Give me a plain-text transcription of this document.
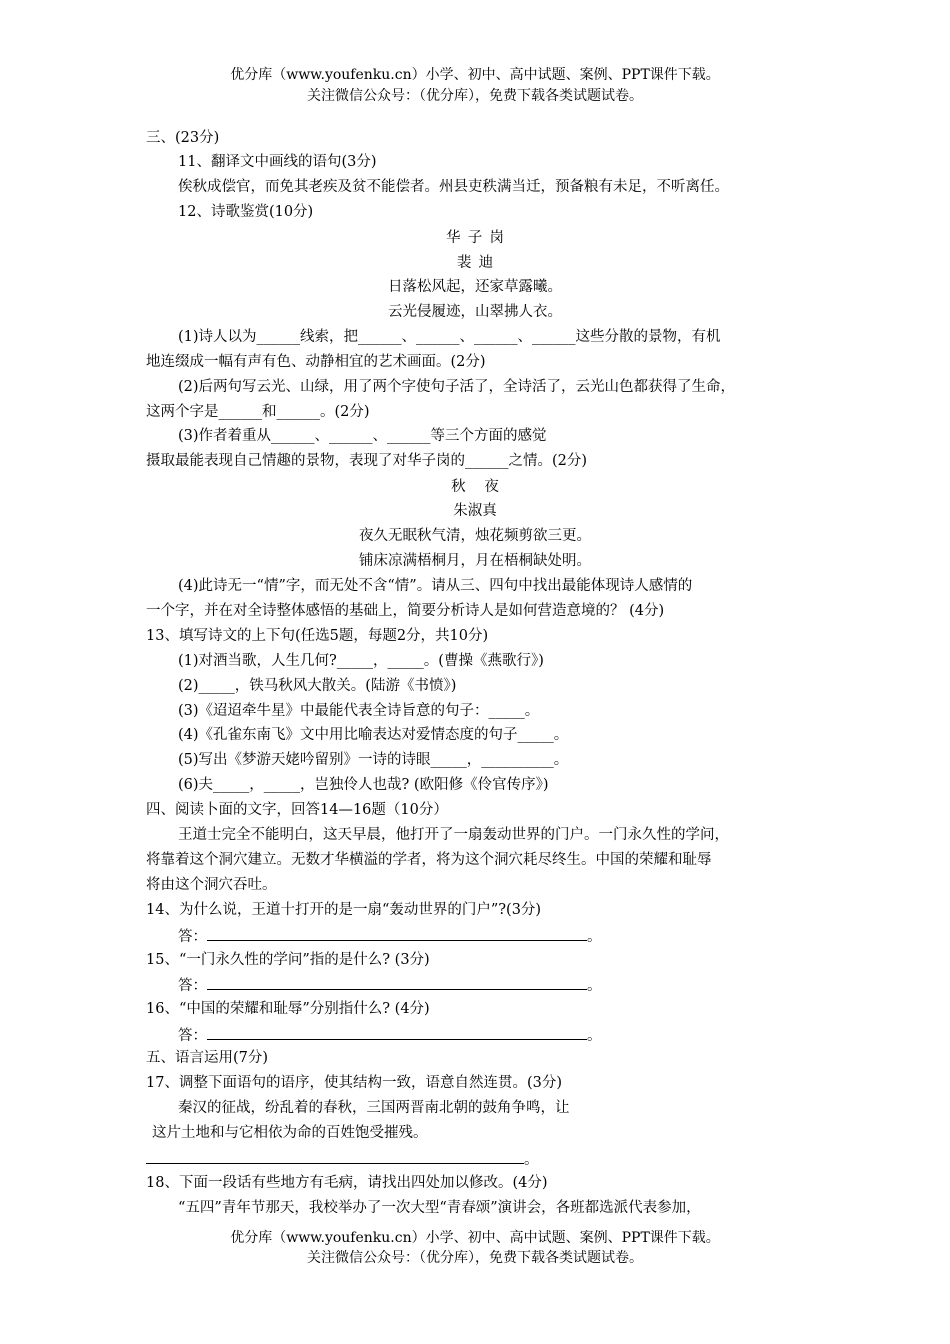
优分库（www.youfenku.cn）小学、初中、高中试题、案例、PPT课件下载。
关注微信公众号：（优分库），免费下载各类试题试卷。
三、(23分)
11、翻译文中画线的语句(3分)
俟秋成偿官，而免其老疾及贫不能偿者。州县吏秩满当迁，预备粮有未足，不听离任。
12、诗歌鉴赏(10分)
华子岗
裴迪
日落松风起，还家草露曦。
云光侵履迹，山翠拂人衣。
(1)诗人以为______线索，把______、______、______、______这些分散的景物，有机
地连缀成一幅有声有色、动静相宜的艺术画面。(2分)
(2)后两句写云光、山绿，用了两个字使句子活了，全诗活了，云光山色都获得了生命，
这两个字是______和______。(2分)
(3)作者着重从______、______、______等三个方面的感觉
摄取最能表现自己情趣的景物，表现了对华子岗的______之情。(2分)
秋夜
朱淑真
夜久无眠秋气清，烛花频剪欲三更。
铺床凉满梧桐月，月在梧桐缺处明。
(4)此诗无一“情”字，而无处不含“情”。请从三、四句中找出最能体现诗人感情的
一个字，并在对全诗整体感悟的基础上，简要分析诗人是如何营造意境的？ (4分)
13、填写诗文的上下句(任选5题，每题2分，共10分)
(1)对酒当歌，人生几何?_____，_____。(曹操《燕歌行》)
(2)_____，铁马秋风大散关。(陆游《书愤》)
(3)《迢迢牵牛星》中最能代表全诗旨意的句子：_____。
(4)《孔雀东南飞》文中用比喻表达对爱情态度的句子_____。
(5)写出《梦游天姥吟留别》一诗的诗眼_____，__________。
(6)夫_____，_____，岂独伶人也哉? (欧阳修《伶官传序》)
四、阅读卜面的文字，回答14—16题（10分）
王道士完全不能明白，这天早晨，他打开了一扇轰动世界的门户。一门永久性的学问，
将靠着这个洞穴建立。无数才华横溢的学者，将为这个洞穴耗尽终生。中国的荣耀和耻辱
将由这个洞穴吞吐。
14、为什么说，王道十打开的是一扇“轰动世界的门户”?(3分)
答：	。
15、“一门永久性的学问”指的是什么? (3分)
答：	。
16、“中国的荣耀和耻辱”分别指什么? (4分)
答：	。
五、语言运用(7分)
17、调整下面语句的语序，使其结构一致，语意自然连贯。(3分)
秦汉的征战，纷乱着的春秋，三国两晋南北朝的鼓角争鸣，让
这片土地和与它相依为命的百姓饱受摧残。
。
18、下面一段话有些地方有毛病，请找出四处加以修改。(4分)
“五四”青年节那天，我校举办了一次大型“青春颂”演讲会，各班都选派代表参加，
优分库（www.youfenku.cn）小学、初中、高中试题、案例、PPT课件下载。
关注微信公众号：（优分库），免费下载各类试题试卷。
